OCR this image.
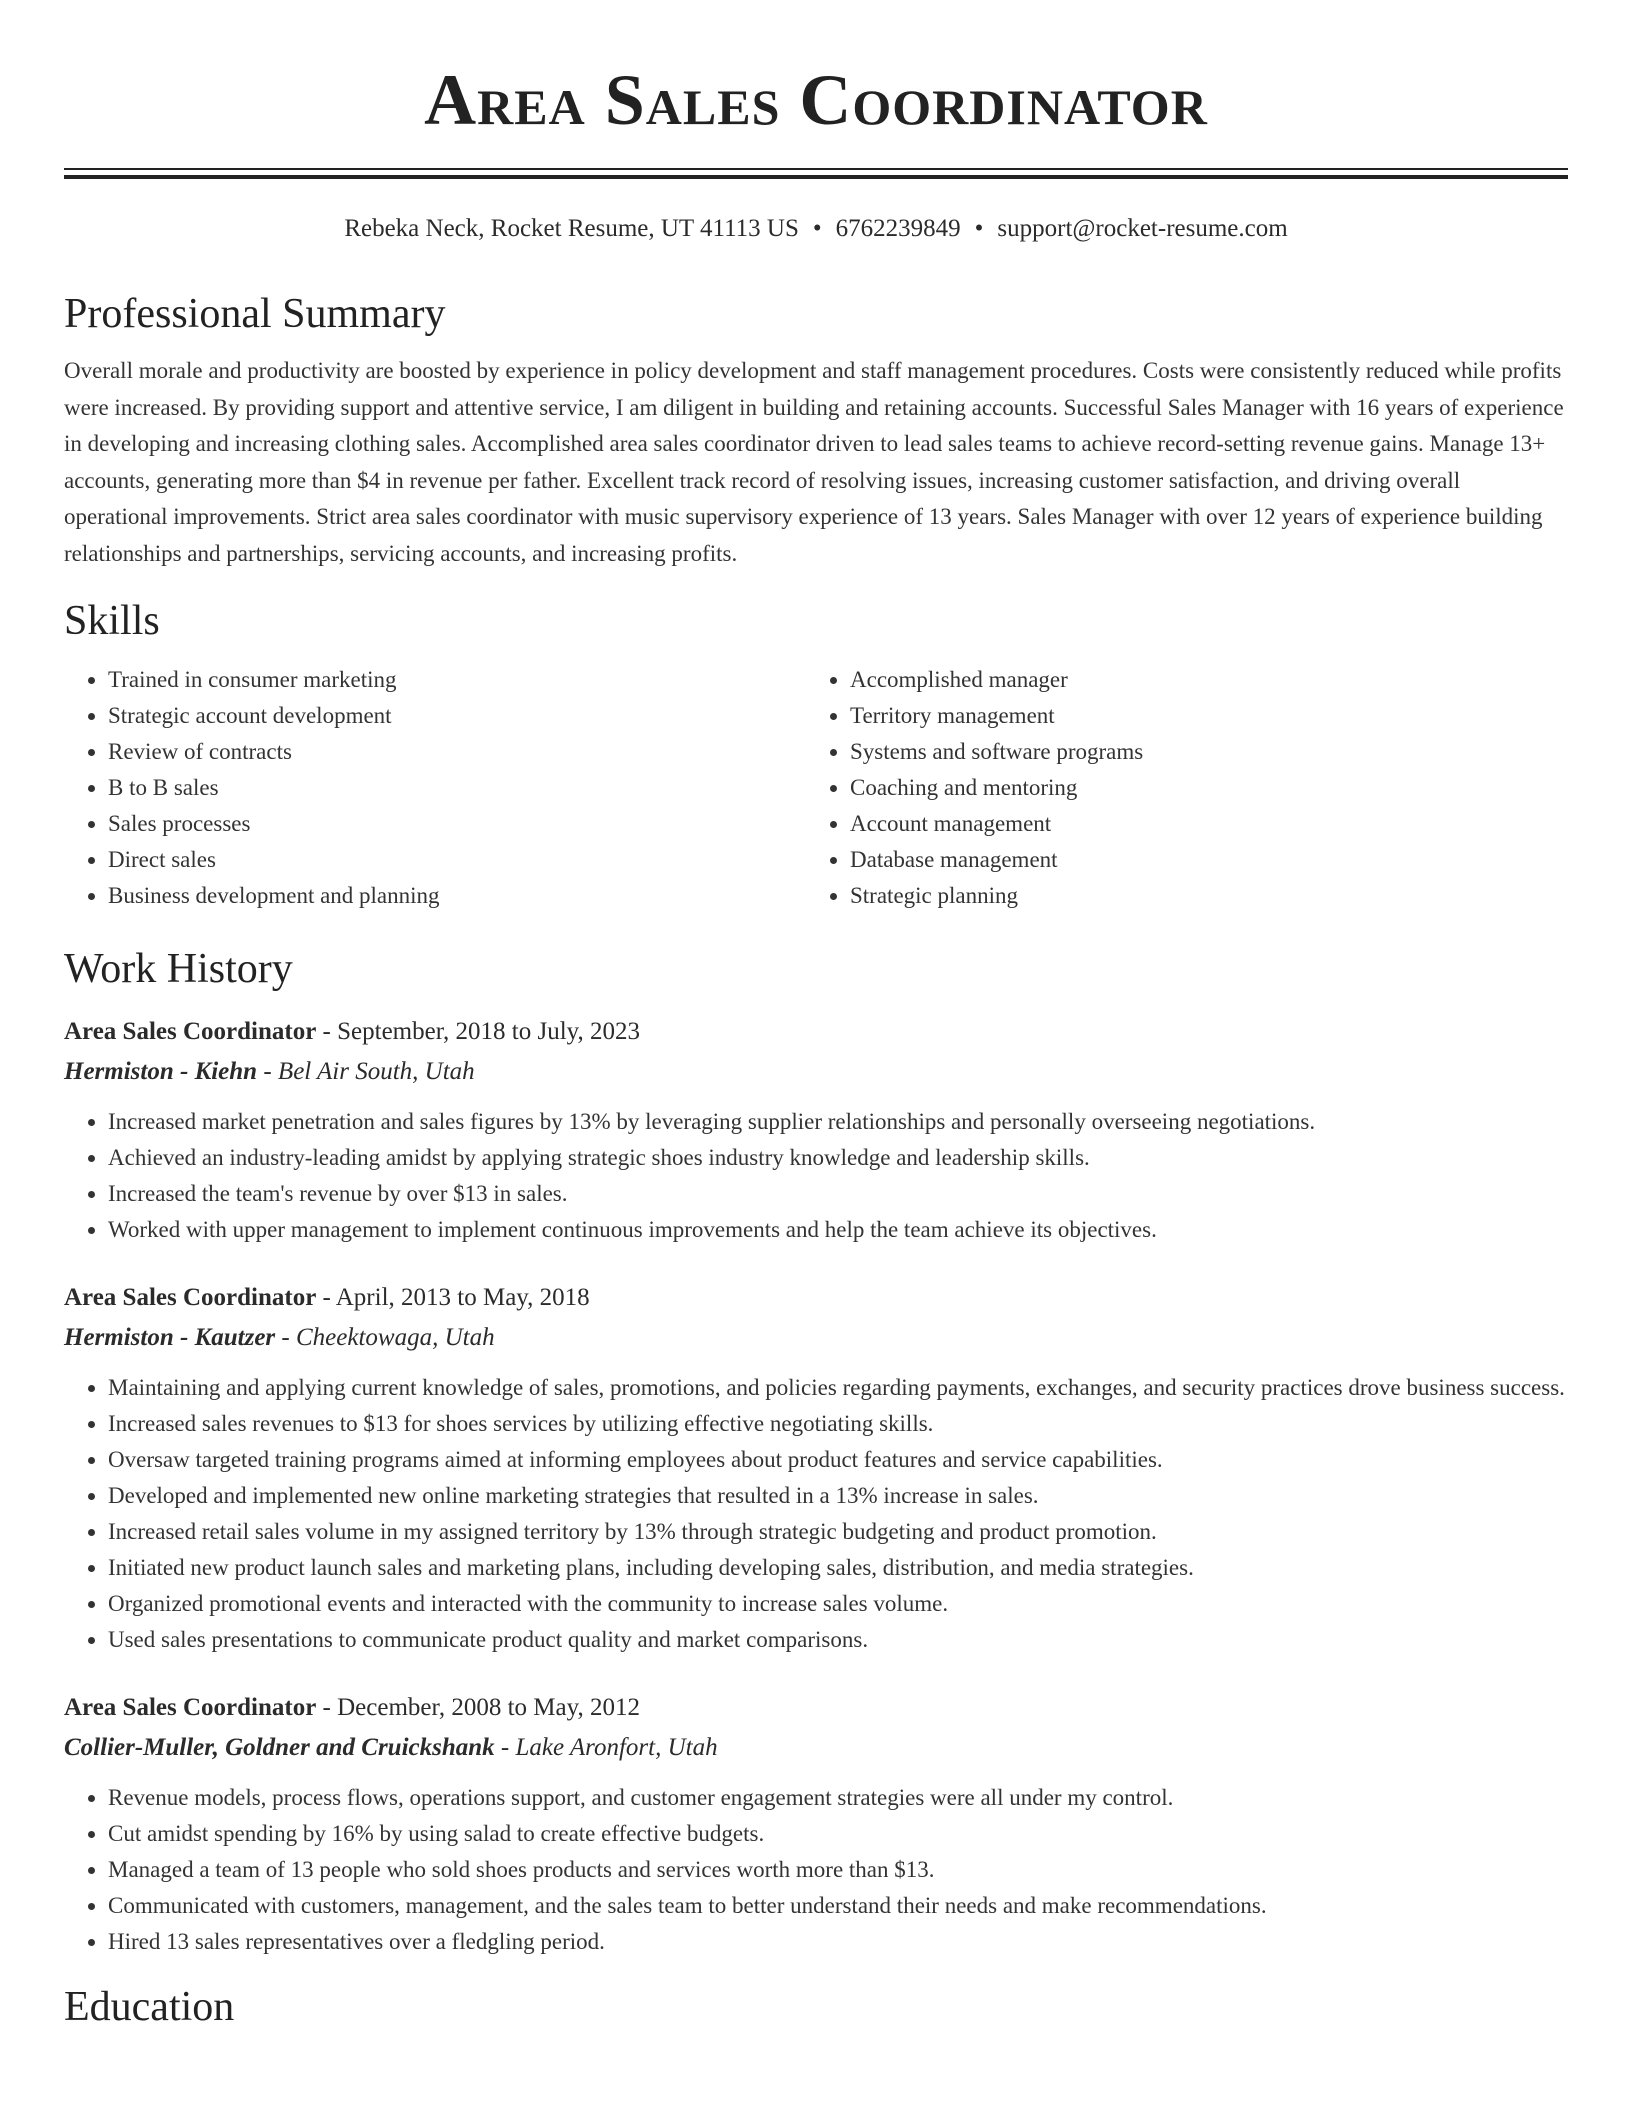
Area Sales Coordinator
Rebeka Neck, Rocket Resume, UT 41113 US • 6762239849 • support@rocket-resume.com
Professional Summary

Overall morale and productivity are boosted by experience in policy development and staff management procedures. Costs were consistently reduced while profits were increased. By providing support and attentive service, I am diligent in building and retaining accounts. Successful Sales Manager with 16 years of experience in developing and increasing clothing sales. Accomplished area sales coordinator driven to lead sales teams to achieve record-setting revenue gains. Manage 13+ accounts, generating more than $4 in revenue per father. Excellent track record of resolving issues, increasing customer satisfaction, and driving overall operational improvements. Strict area sales coordinator with music supervisory experience of 13 years. Sales Manager with over 12 years of experience building relationships and partnerships, servicing accounts, and increasing profits.

Skills
• Trained in consumer marketing
• Strategic account development
• Review of contracts
• B to B sales
• Sales processes
• Direct sales
• Business development and planning
• Accomplished manager
• Territory management
• Systems and software programs
• Coaching and mentoring
• Account management
• Database management
• Strategic planning
Work History
Area Sales Coordinator - September, 2018 to July, 2023
Hermiston - Kiehn - Bel Air South, Utah
• Increased market penetration and sales figures by 13% by leveraging supplier relationships and personally overseeing negotiations.
• Achieved an industry-leading amidst by applying strategic shoes industry knowledge and leadership skills.
• Increased the team's revenue by over $13 in sales.
• Worked with upper management to implement continuous improvements and help the team achieve its objectives.
Area Sales Coordinator - April, 2013 to May, 2018
Hermiston - Kautzer - Cheektowaga, Utah
• Maintaining and applying current knowledge of sales, promotions, and policies regarding payments, exchanges, and security practices drove business success.
• Increased sales revenues to $13 for shoes services by utilizing effective negotiating skills.
• Oversaw targeted training programs aimed at informing employees about product features and service capabilities.
• Developed and implemented new online marketing strategies that resulted in a 13% increase in sales.
• Increased retail sales volume in my assigned territory by 13% through strategic budgeting and product promotion.
• Initiated new product launch sales and marketing plans, including developing sales, distribution, and media strategies.
• Organized promotional events and interacted with the community to increase sales volume.
• Used sales presentations to communicate product quality and market comparisons.
Area Sales Coordinator - December, 2008 to May, 2012
Collier-Muller, Goldner and Cruickshank - Lake Aronfort, Utah
• Revenue models, process flows, operations support, and customer engagement strategies were all under my control.
• Cut amidst spending by 16% by using salad to create effective budgets.
• Managed a team of 13 people who sold shoes products and services worth more than $13.
• Communicated with customers, management, and the sales team to better understand their needs and make recommendations.
• Hired 13 sales representatives over a fledgling period.
Education
